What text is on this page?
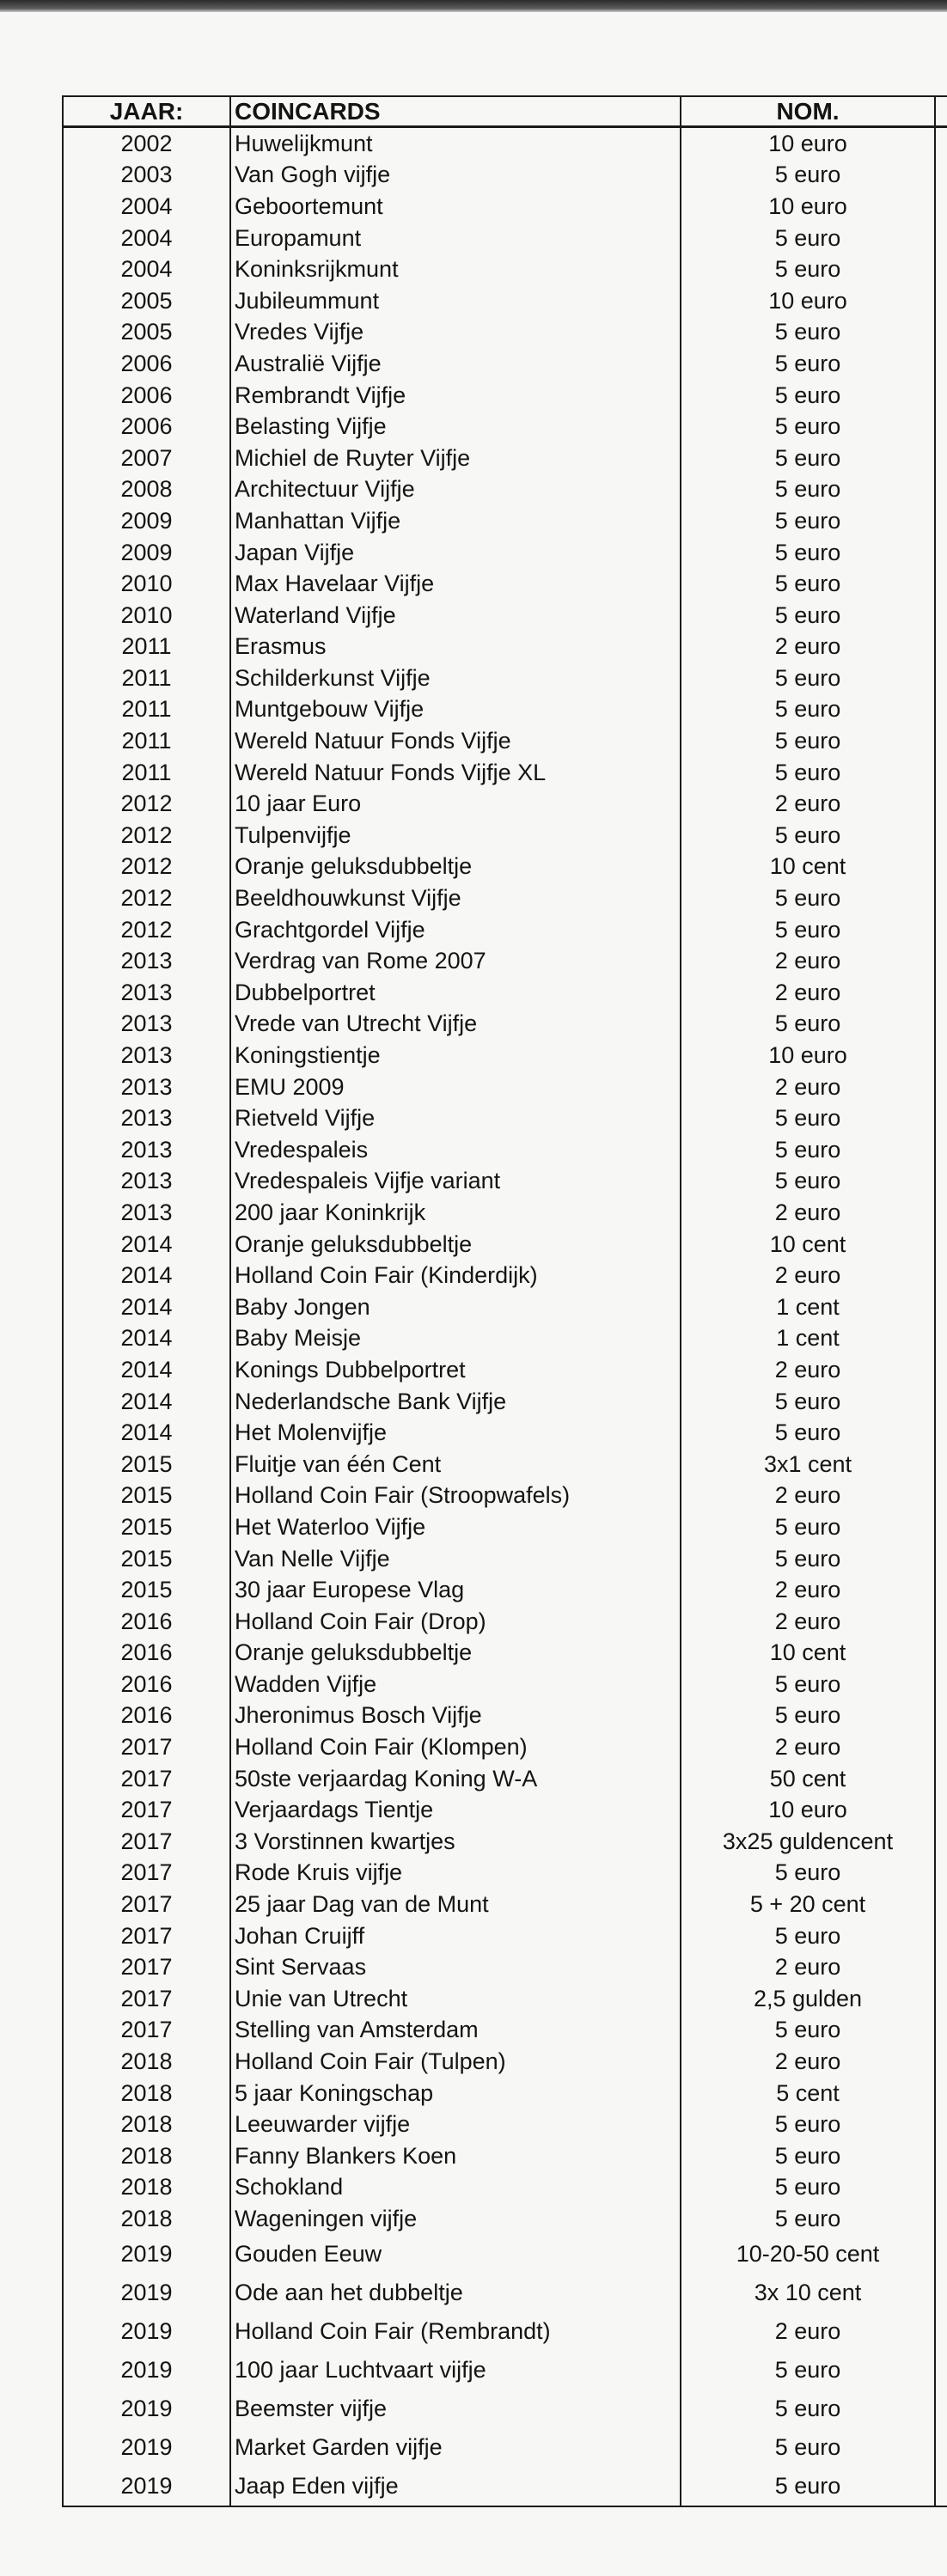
JAAR:	COINCARDS	NOM.	
2002	Huwelijkmunt	10 euro	
2003	Van Gogh vijfje	5 euro	
2004	Geboortemunt	10 euro	
2004	Europamunt	5 euro	
2004	Koninksrijkmunt	5 euro	
2005	Jubileummunt	10 euro	
2005	Vredes Vijfje	5 euro	
2006	Australië Vijfje	5 euro	
2006	Rembrandt Vijfje	5 euro	
2006	Belasting Vijfje	5 euro	
2007	Michiel de Ruyter Vijfje	5 euro	
2008	Architectuur Vijfje	5 euro	
2009	Manhattan Vijfje	5 euro	
2009	Japan Vijfje	5 euro	
2010	Max Havelaar Vijfje	5 euro	
2010	Waterland Vijfje	5 euro	
2011	Erasmus	2 euro	
2011	Schilderkunst Vijfje	5 euro	
2011	Muntgebouw Vijfje	5 euro	
2011	Wereld Natuur Fonds Vijfje	5 euro	
2011	Wereld Natuur Fonds Vijfje XL	5 euro	
2012	10 jaar Euro	2 euro	
2012	Tulpenvijfje	5 euro	
2012	Oranje geluksdubbeltje	10 cent	
2012	Beeldhouwkunst Vijfje	5 euro	
2012	Grachtgordel Vijfje	5 euro	
2013	Verdrag van Rome 2007	2 euro	
2013	Dubbelportret	2 euro	
2013	Vrede van Utrecht Vijfje	5 euro	
2013	Koningstientje	10 euro	
2013	EMU 2009	2 euro	
2013	Rietveld Vijfje	5 euro	
2013	Vredespaleis	5 euro	
2013	Vredespaleis Vijfje variant	5 euro	
2013	200 jaar Koninkrijk	2 euro	
2014	Oranje geluksdubbeltje	10 cent	
2014	Holland Coin Fair (Kinderdijk)	2 euro	
2014	Baby Jongen	1 cent	
2014	Baby Meisje	1 cent	
2014	Konings Dubbelportret	2 euro	
2014	Nederlandsche Bank Vijfje	5 euro	
2014	Het Molenvijfje	5 euro	
2015	Fluitje van één Cent	3x1 cent	
2015	Holland Coin Fair (Stroopwafels)	2 euro	
2015	Het Waterloo Vijfje	5 euro	
2015	Van Nelle Vijfje	5 euro	
2015	30 jaar Europese Vlag	2 euro	
2016	Holland Coin Fair (Drop)	2 euro	
2016	Oranje geluksdubbeltje	10 cent	
2016	Wadden Vijfje	5 euro	
2016	Jheronimus Bosch Vijfje	5 euro	
2017	Holland Coin Fair (Klompen)	2 euro	
2017	50ste verjaardag Koning W-A	50 cent	
2017	Verjaardags Tientje	10 euro	
2017	3 Vorstinnen kwartjes	3x25 guldencent	
2017	Rode Kruis vijfje	5 euro	
2017	25 jaar Dag van de Munt	5 + 20 cent	
2017	Johan Cruijff	5 euro	
2017	Sint Servaas	2 euro	
2017	Unie van Utrecht	2,5 gulden	
2017	Stelling van Amsterdam	5 euro	
2018	Holland Coin Fair (Tulpen)	2 euro	
2018	5 jaar Koningschap	5 cent	
2018	Leeuwarder vijfje	5 euro	
2018	Fanny Blankers Koen	5 euro	
2018	Schokland	5 euro	
2018	Wageningen vijfje	5 euro	
2019	Gouden Eeuw	10-20-50 cent	
2019	Ode aan het dubbeltje	3x 10 cent	
2019	Holland Coin Fair (Rembrandt)	2 euro	
2019	100 jaar Luchtvaart vijfje	5 euro	
2019	Beemster vijfje	5 euro	
2019	Market Garden vijfje	5 euro	
2019	Jaap Eden vijfje	5 euro	
